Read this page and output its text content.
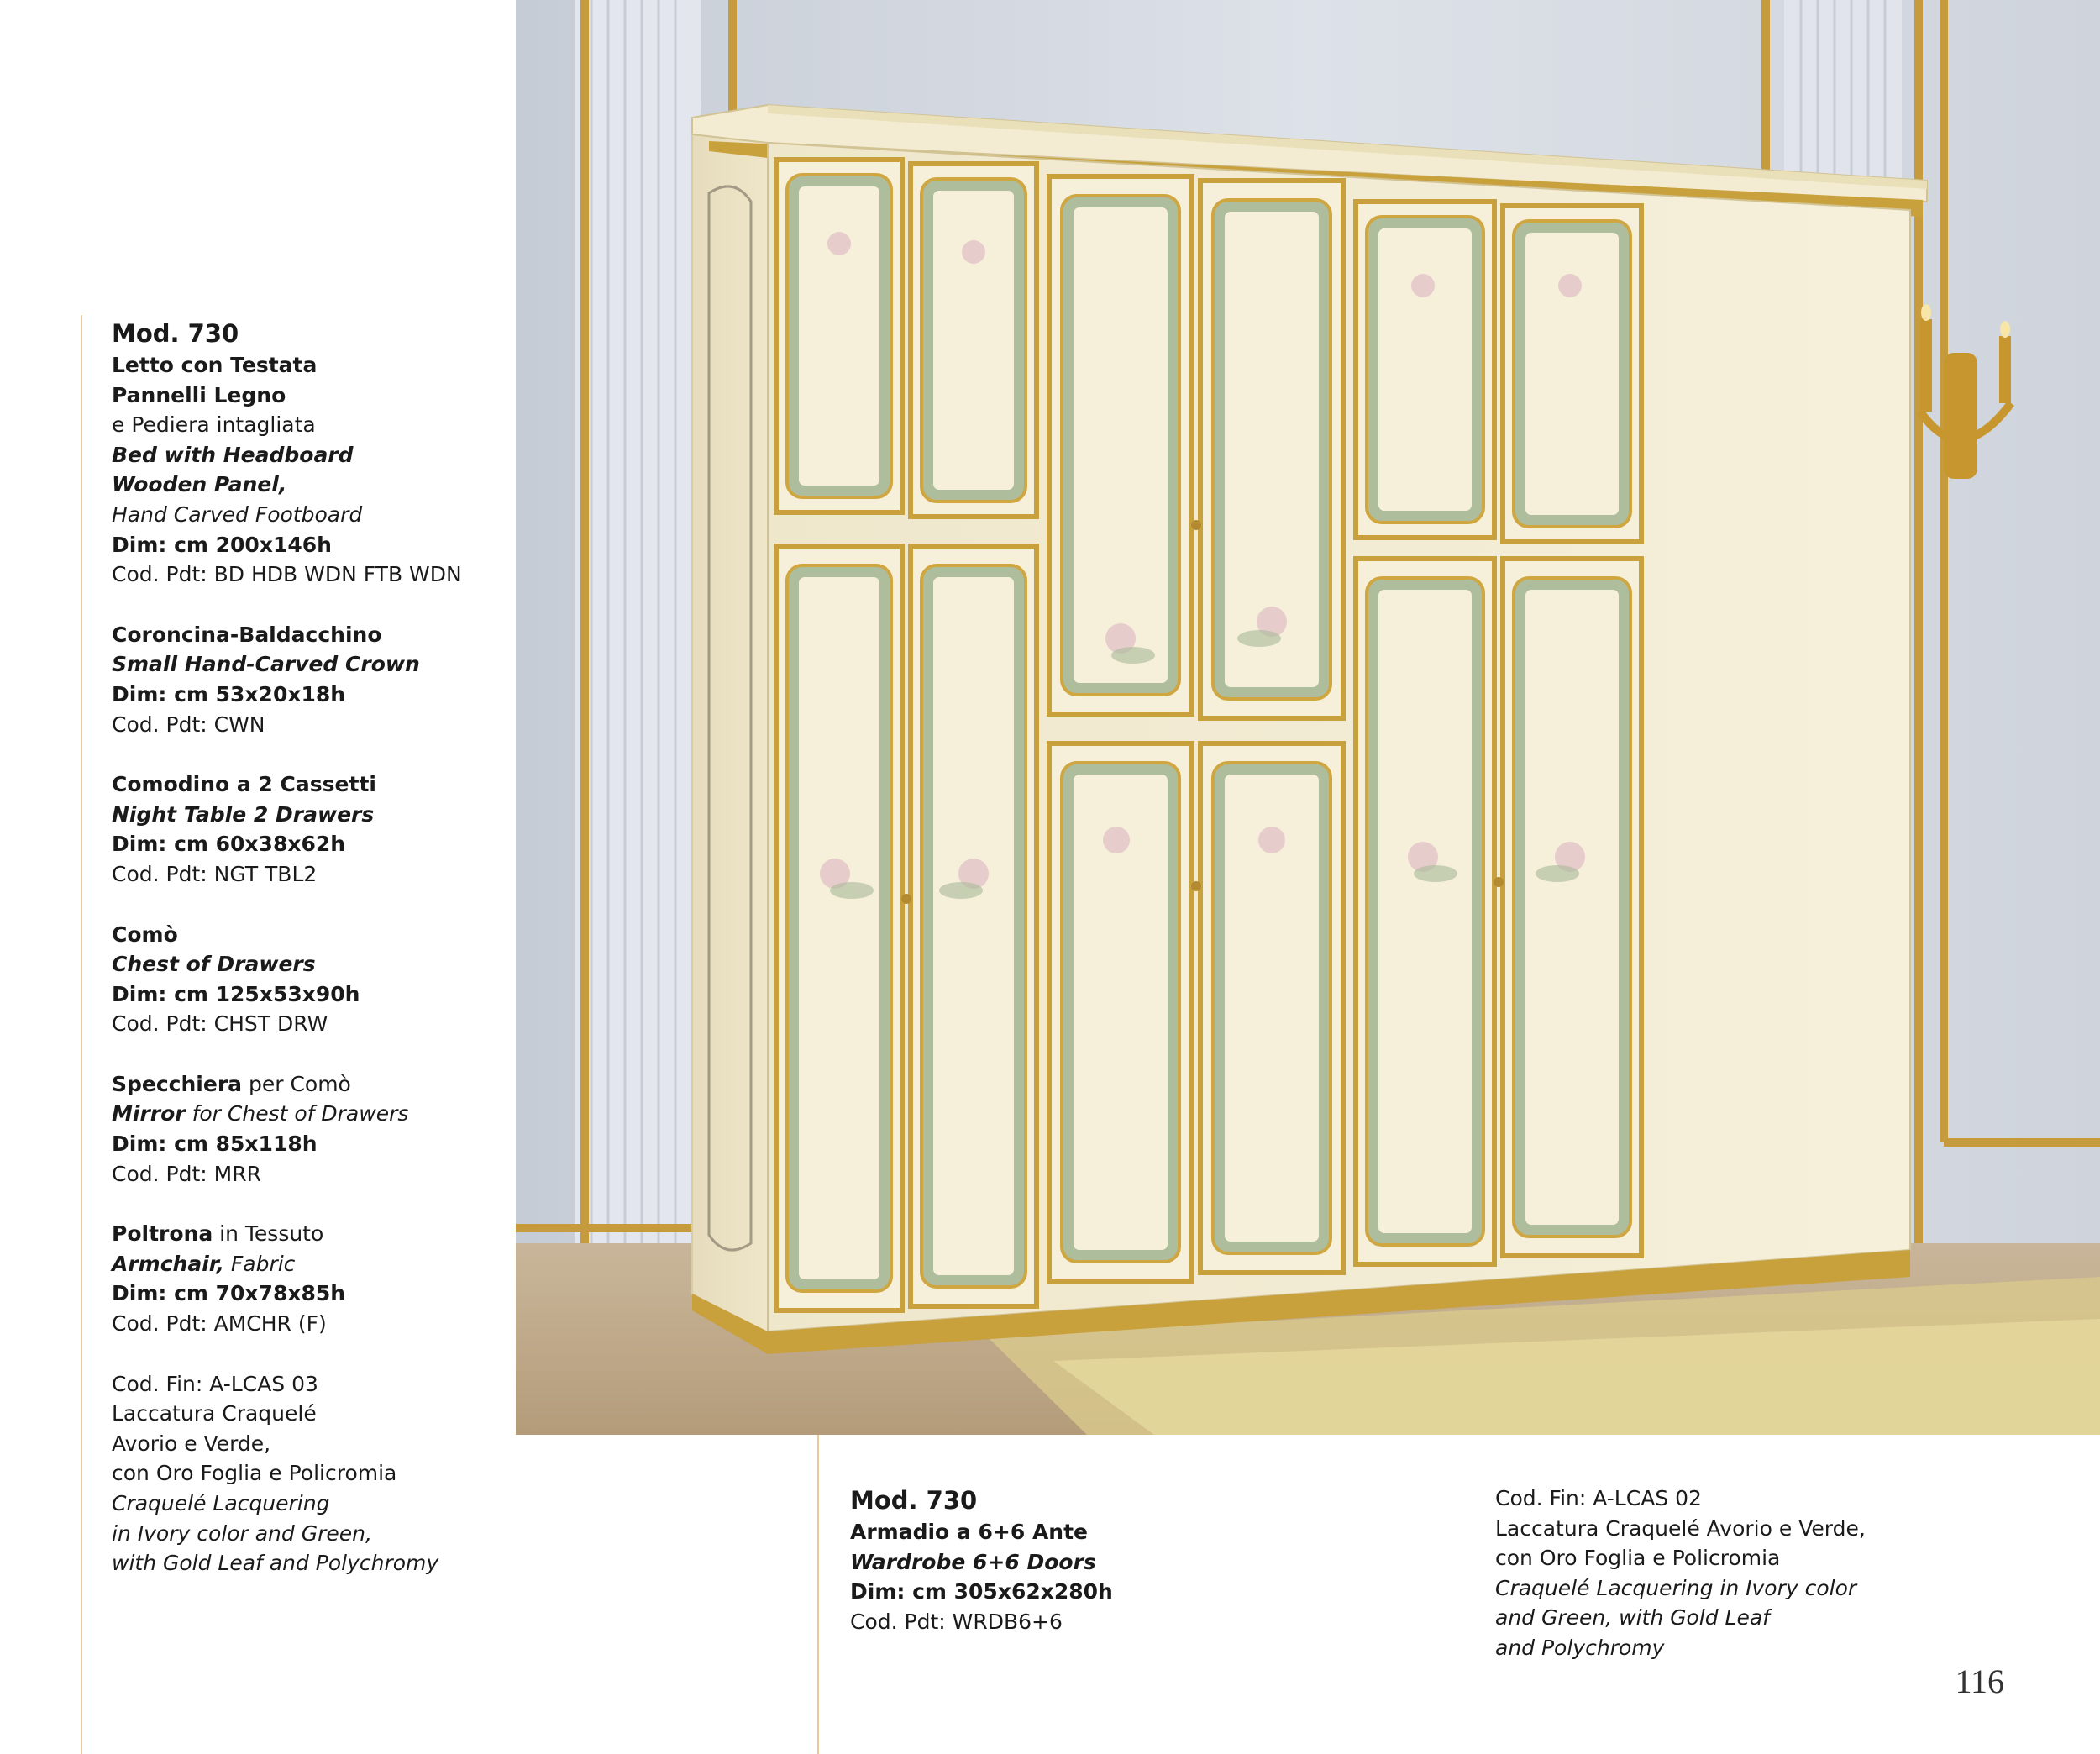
Mod. 730

Letto con Testata

Pannelli Legno

e Pediera intagliata

Bed with Headboard

Wooden Panel,

Hand Carved Footboard

Dim: cm 200x146h

Cod. Pdt: BD HDB WDN FTB WDN

Coroncina-Baldacchino

Small Hand-Carved Crown

Dim: cm 53x20x18h

Cod. Pdt: CWN

Comodino a 2 Cassetti

Night Table 2 Drawers

Dim: cm 60x38x62h

Cod. Pdt: NGT TBL2

Comò

Chest of Drawers

Dim: cm 125x53x90h

Cod. Pdt: CHST DRW

Specchiera per Comò

Mirror for Chest of Drawers

Dim: cm 85x118h

Cod. Pdt: MRR

Poltrona in Tessuto

Armchair, Fabric

Dim: cm 70x78x85h

Cod. Pdt: AMCHR (F)

Cod. Fin: A-LCAS 03

Laccatura Craquelé

Avorio e Verde,

con Oro Foglia e Policromia

Craquelé Lacquering

in Ivory color and Green,

with Gold Leaf and Polychromy

Mod. 730

Armadio a 6+6 Ante

Wardrobe 6+6 Doors

Dim: cm 305x62x280h

Cod. Pdt: WRDB6+6

Cod. Fin: A-LCAS 02

Laccatura Craquelé Avorio e Verde,

con Oro Foglia e Policromia

Craquelé Lacquering in Ivory color

and Green, with Gold Leaf

and Polychromy

116
